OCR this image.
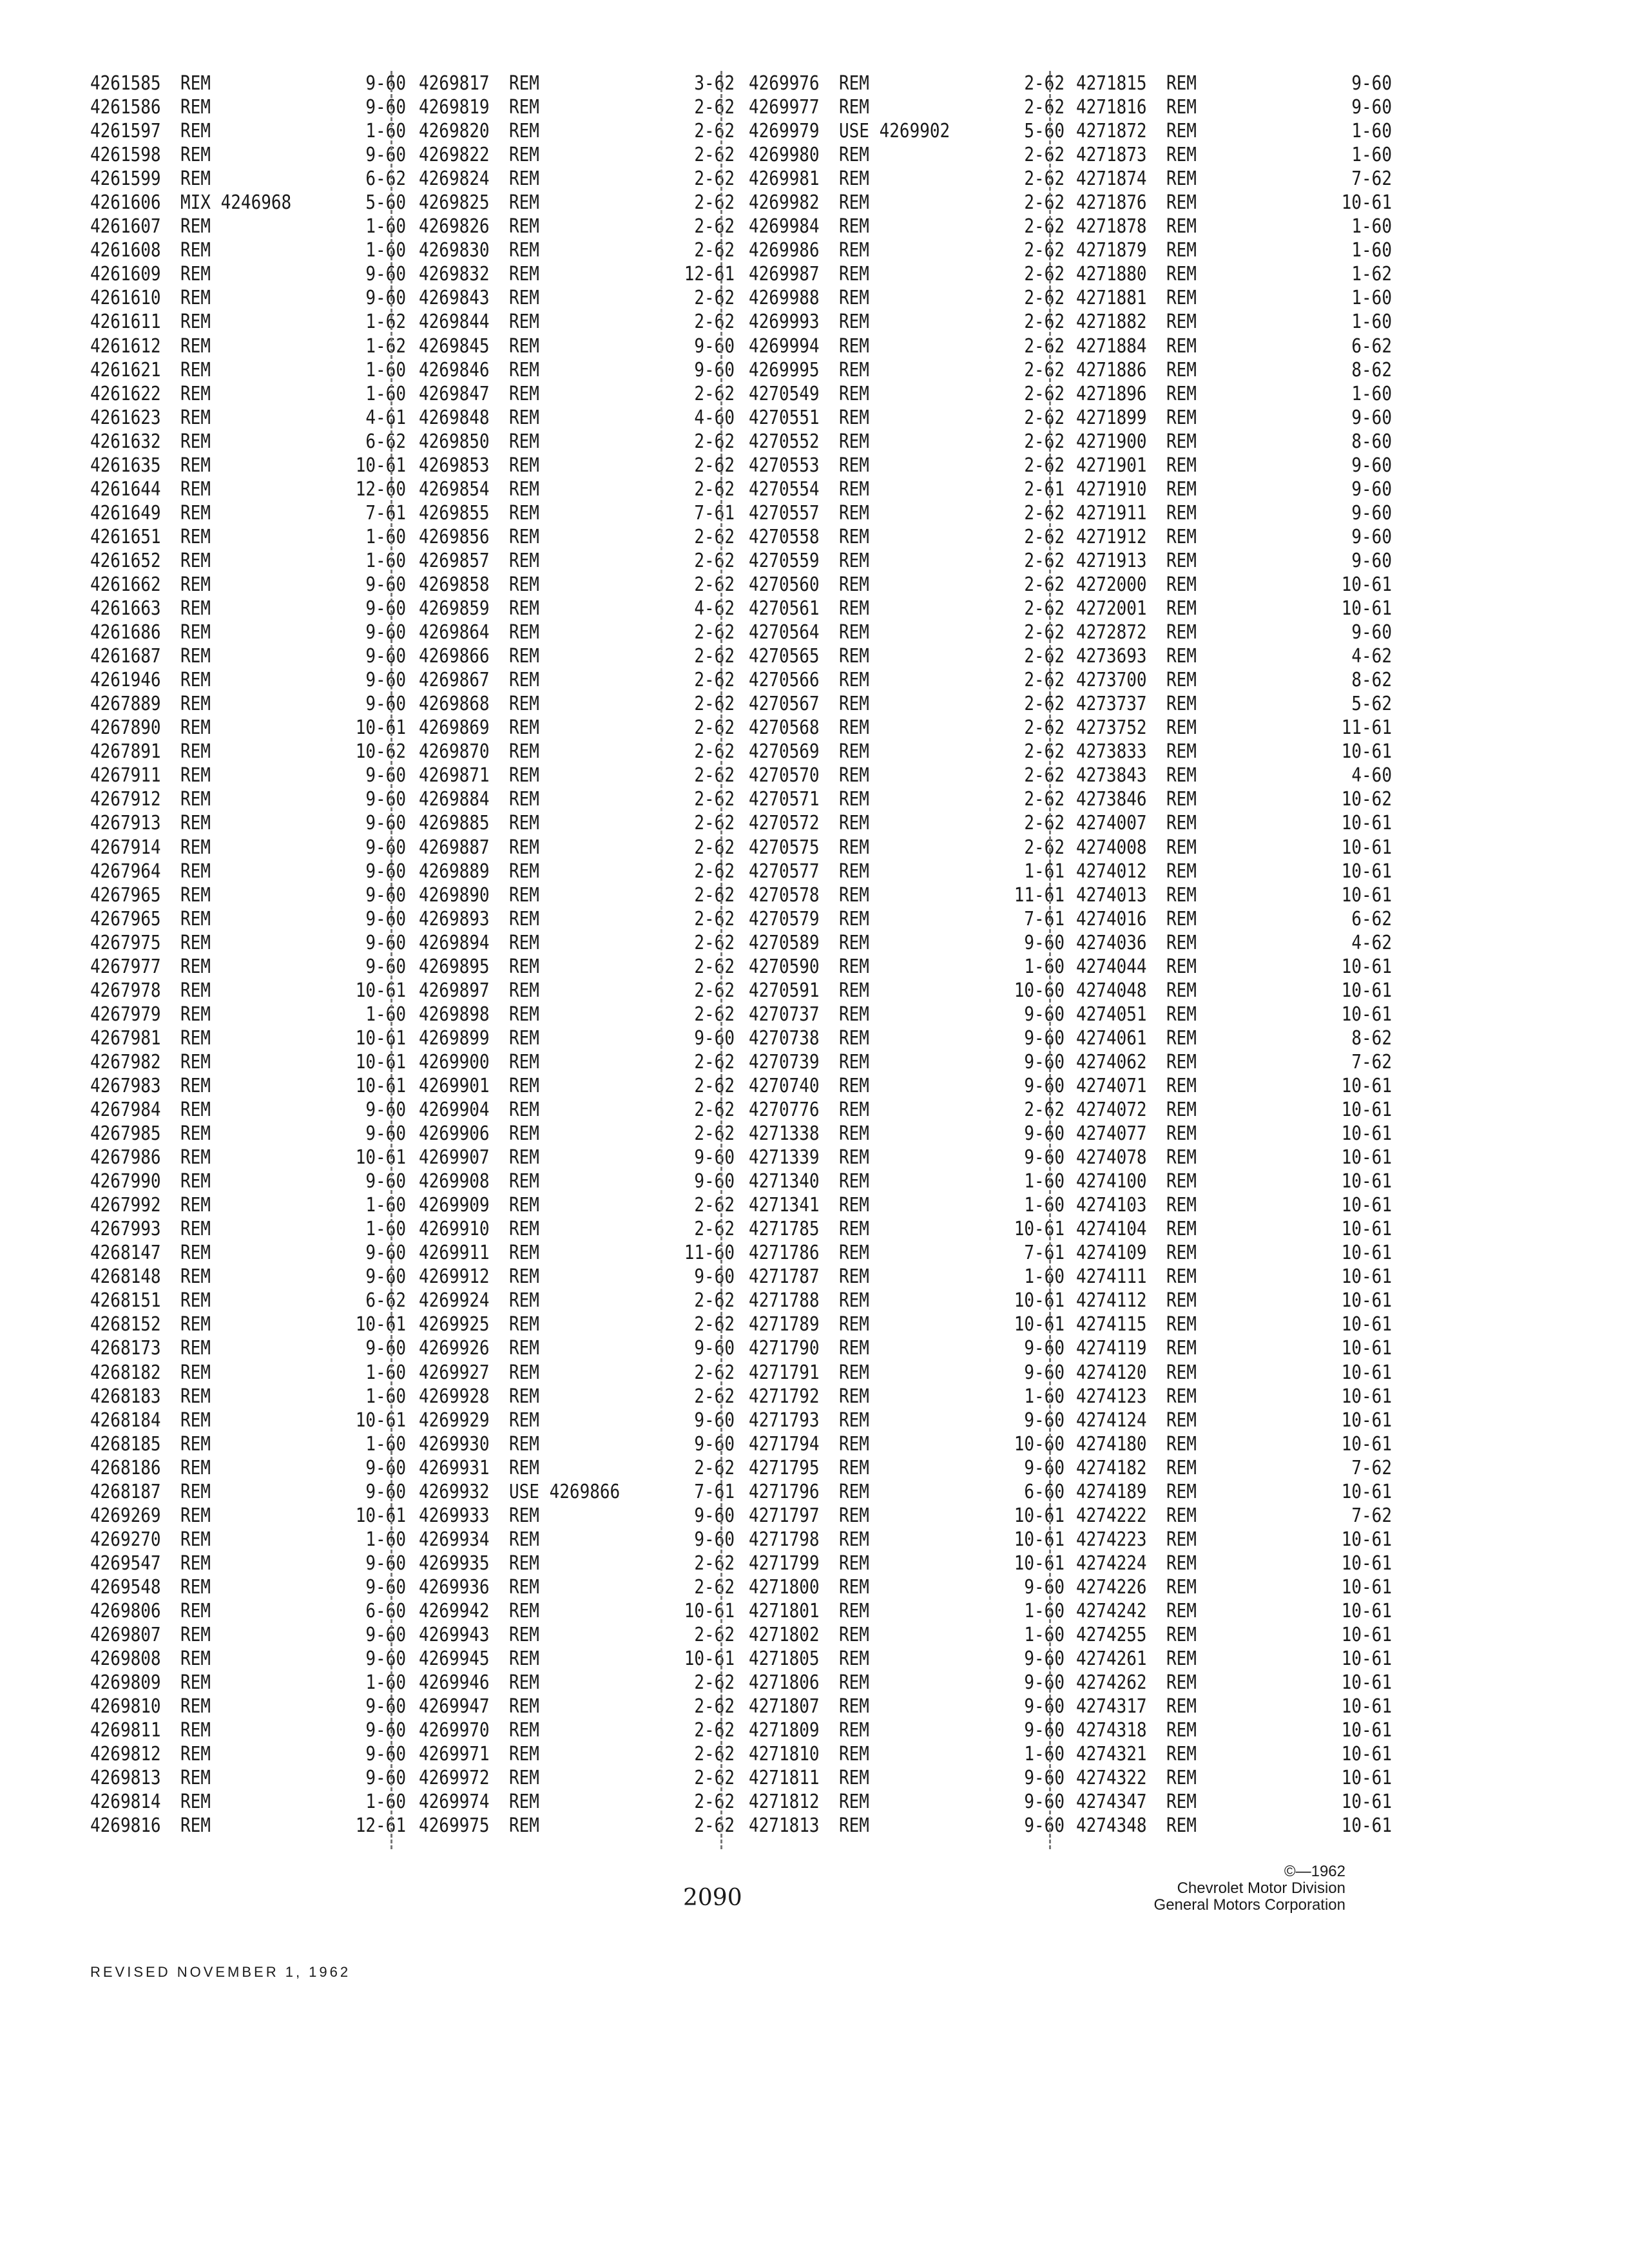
4261585 REM	9-60
4261586 REM	9-60
4261597 REM	1-60
4261598 REM	9-60
4261599 REM	6-62
4261606 MIX 4246968	5-60
4261607 REM	1-60
4261608 REM	1-60
4261609 REM	9-60
4261610 REM	9-60
4261611 REM	1-62
4261612 REM	1-62
4261621 REM	1-60
4261622 REM	1-60
4261623 REM	4-61
4261632 REM	6-62
4261635 REM	10-61
4261644 REM	12-60
4261649 REM	7-61
4261651 REM	1-60
4261652 REM	1-60
4261662 REM	9-60
4261663 REM	9-60
4261686 REM	9-60
4261687 REM	9-60
4261946 REM	9-60
4267889 REM	9-60
4267890 REM	10-61
4267891 REM	10-62
4267911 REM	9-60
4267912 REM	9-60
4267913 REM	9-60
4267914 REM	9-60
4267964 REM	9-60
4267965 REM	9-60
4267965 REM	9-60
4267975 REM	9-60
4267977 REM	9-60
4267978 REM	10-61
4267979 REM	1-60
4267981 REM	10-61
4267982 REM	10-61
4267983 REM	10-61
4267984 REM	9-60
4267985 REM	9-60
4267986 REM	10-61
4267990 REM	9-60
4267992 REM	1-60
4267993 REM	1-60
4268147 REM	9-60
4268148 REM	9-60
4268151 REM	6-62
4268152 REM	10-61
4268173 REM	9-60
4268182 REM	1-60
4268183 REM	1-60
4268184 REM	10-61
4268185 REM	1-60
4268186 REM	9-60
4268187 REM	9-60
4269269 REM	10-61
4269270 REM	1-60
4269547 REM	9-60
4269548 REM	9-60
4269806 REM	6-60
4269807 REM	9-60
4269808 REM	9-60
4269809 REM	1-60
4269810 REM	9-60
4269811 REM	9-60
4269812 REM	9-60
4269813 REM	9-60
4269814 REM	1-60
4269816 REM	12-61
4269817 REM	3-62
4269819 REM	2-62
4269820 REM	2-62
4269822 REM	2-62
4269824 REM	2-62
4269825 REM	2-62
4269826 REM	2-62
4269830 REM	2-62
4269832 REM	12-61
4269843 REM	2-62
4269844 REM	2-62
4269845 REM	9-60
4269846 REM	9-60
4269847 REM	2-62
4269848 REM	4-60
4269850 REM	2-62
4269853 REM	2-62
4269854 REM	2-62
4269855 REM	7-61
4269856 REM	2-62
4269857 REM	2-62
4269858 REM	2-62
4269859 REM	4-62
4269864 REM	2-62
4269866 REM	2-62
4269867 REM	2-62
4269868 REM	2-62
4269869 REM	2-62
4269870 REM	2-62
4269871 REM	2-62
4269884 REM	2-62
4269885 REM	2-62
4269887 REM	2-62
4269889 REM	2-62
4269890 REM	2-62
4269893 REM	2-62
4269894 REM	2-62
4269895 REM	2-62
4269897 REM	2-62
4269898 REM	2-62
4269899 REM	9-60
4269900 REM	2-62
4269901 REM	2-62
4269904 REM	2-62
4269906 REM	2-62
4269907 REM	9-60
4269908 REM	9-60
4269909 REM	2-62
4269910 REM	2-62
4269911 REM	11-60
4269912 REM	9-60
4269924 REM	2-62
4269925 REM	2-62
4269926 REM	9-60
4269927 REM	2-62
4269928 REM	2-62
4269929 REM	9-60
4269930 REM	9-60
4269931 REM	2-62
4269932 USE 4269866	7-61
4269933 REM	9-60
4269934 REM	9-60
4269935 REM	2-62
4269936 REM	2-62
4269942 REM	10-61
4269943 REM	2-62
4269945 REM	10-61
4269946 REM	2-62
4269947 REM	2-62
4269970 REM	2-62
4269971 REM	2-62
4269972 REM	2-62
4269974 REM	2-62
4269975 REM	2-62
4269976 REM	2-62
4269977 REM	2-62
4269979 USE 4269902	5-60
4269980 REM	2-62
4269981 REM	2-62
4269982 REM	2-62
4269984 REM	2-62
4269986 REM	2-62
4269987 REM	2-62
4269988 REM	2-62
4269993 REM	2-62
4269994 REM	2-62
4269995 REM	2-62
4270549 REM	2-62
4270551 REM	2-62
4270552 REM	2-62
4270553 REM	2-62
4270554 REM	2-61
4270557 REM	2-62
4270558 REM	2-62
4270559 REM	2-62
4270560 REM	2-62
4270561 REM	2-62
4270564 REM	2-62
4270565 REM	2-62
4270566 REM	2-62
4270567 REM	2-62
4270568 REM	2-62
4270569 REM	2-62
4270570 REM	2-62
4270571 REM	2-62
4270572 REM	2-62
4270575 REM	2-62
4270577 REM	1-61
4270578 REM	11-61
4270579 REM	7-61
4270589 REM	9-60
4270590 REM	1-60
4270591 REM	10-60
4270737 REM	9-60
4270738 REM	9-60
4270739 REM	9-60
4270740 REM	9-60
4270776 REM	2-62
4271338 REM	9-60
4271339 REM	9-60
4271340 REM	1-60
4271341 REM	1-60
4271785 REM	10-61
4271786 REM	7-61
4271787 REM	1-60
4271788 REM	10-61
4271789 REM	10-61
4271790 REM	9-60
4271791 REM	9-60
4271792 REM	1-60
4271793 REM	9-60
4271794 REM	10-60
4271795 REM	9-60
4271796 REM	6-60
4271797 REM	10-61
4271798 REM	10-61
4271799 REM	10-61
4271800 REM	9-60
4271801 REM	1-60
4271802 REM	1-60
4271805 REM	9-60
4271806 REM	9-60
4271807 REM	9-60
4271809 REM	9-60
4271810 REM	1-60
4271811 REM	9-60
4271812 REM	9-60
4271813 REM	9-60
4271815 REM	9-60
4271816 REM	9-60
4271872 REM	1-60
4271873 REM	1-60
4271874 REM	7-62
4271876 REM	10-61
4271878 REM	1-60
4271879 REM	1-60
4271880 REM	1-62
4271881 REM	1-60
4271882 REM	1-60
4271884 REM	6-62
4271886 REM	8-62
4271896 REM	1-60
4271899 REM	9-60
4271900 REM	8-60
4271901 REM	9-60
4271910 REM	9-60
4271911 REM	9-60
4271912 REM	9-60
4271913 REM	9-60
4272000 REM	10-61
4272001 REM	10-61
4272872 REM	9-60
4273693 REM	4-62
4273700 REM	8-62
4273737 REM	5-62
4273752 REM	11-61
4273833 REM	10-61
4273843 REM	4-60
4273846 REM	10-62
4274007 REM	10-61
4274008 REM	10-61
4274012 REM	10-61
4274013 REM	10-61
4274016 REM	6-62
4274036 REM	4-62
4274044 REM	10-61
4274048 REM	10-61
4274051 REM	10-61
4274061 REM	8-62
4274062 REM	7-62
4274071 REM	10-61
4274072 REM	10-61
4274077 REM	10-61
4274078 REM	10-61
4274100 REM	10-61
4274103 REM	10-61
4274104 REM	10-61
4274109 REM	10-61
4274111 REM	10-61
4274112 REM	10-61
4274115 REM	10-61
4274119 REM	10-61
4274120 REM	10-61
4274123 REM	10-61
4274124 REM	10-61
4274180 REM	10-61
4274182 REM	7-62
4274189 REM	10-61
4274222 REM	7-62
4274223 REM	10-61
4274224 REM	10-61
4274226 REM	10-61
4274242 REM	10-61
4274255 REM	10-61
4274261 REM	10-61
4274262 REM	10-61
4274317 REM	10-61
4274318 REM	10-61
4274321 REM	10-61
4274322 REM	10-61
4274347 REM	10-61
4274348 REM	10-61
©—1962
Chevrolet Motor Division
General Motors Corporation
2090
REVISED NOVEMBER 1, 1962
